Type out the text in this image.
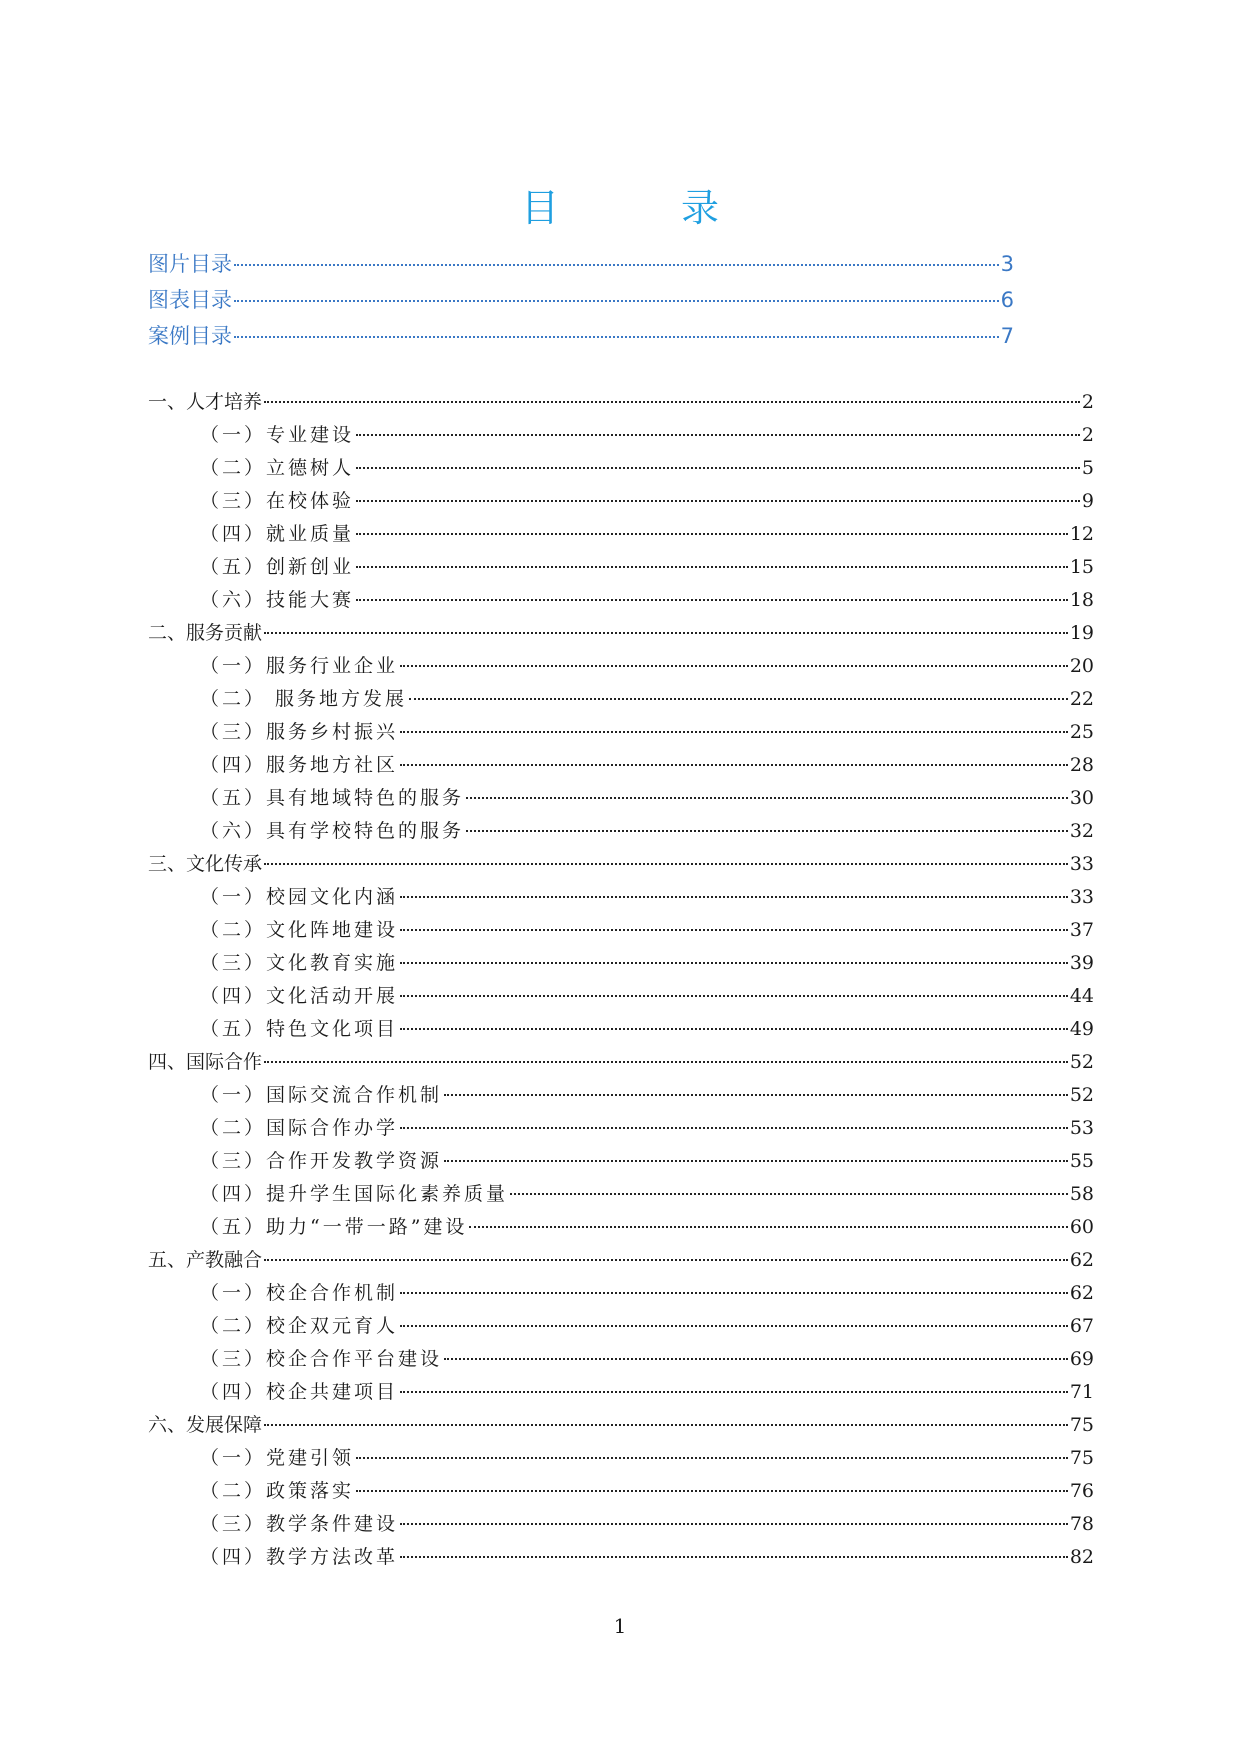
目　录
图片目录	3
图表目录	6
案例目录	7
一、人才培养	2
（一）专业建设	2
（二）立德树人	5
（三）在校体验	9
（四）就业质量	12
（五）创新创业	15
（六）技能大赛	18
二、服务贡献	19
（一）服务行业企业	20
（二） 服务地方发展	22
（三）服务乡村振兴	25
（四）服务地方社区	28
（五）具有地域特色的服务	30
（六）具有学校特色的服务	32
三、文化传承	33
（一）校园文化内涵	33
（二）文化阵地建设	37
（三）文化教育实施	39
（四）文化活动开展	44
（五）特色文化项目	49
四、国际合作	52
（一）国际交流合作机制	52
（二）国际合作办学	53
（三）合作开发教学资源	55
（四）提升学生国际化素养质量	58
（五）助力“一带一路”建设	60
五、产教融合	62
（一）校企合作机制	62
（二）校企双元育人	67
（三）校企合作平台建设	69
（四）校企共建项目	71
六、发展保障	75
（一）党建引领	75
（二）政策落实	76
（三）教学条件建设	78
（四）教学方法改革	82
1
